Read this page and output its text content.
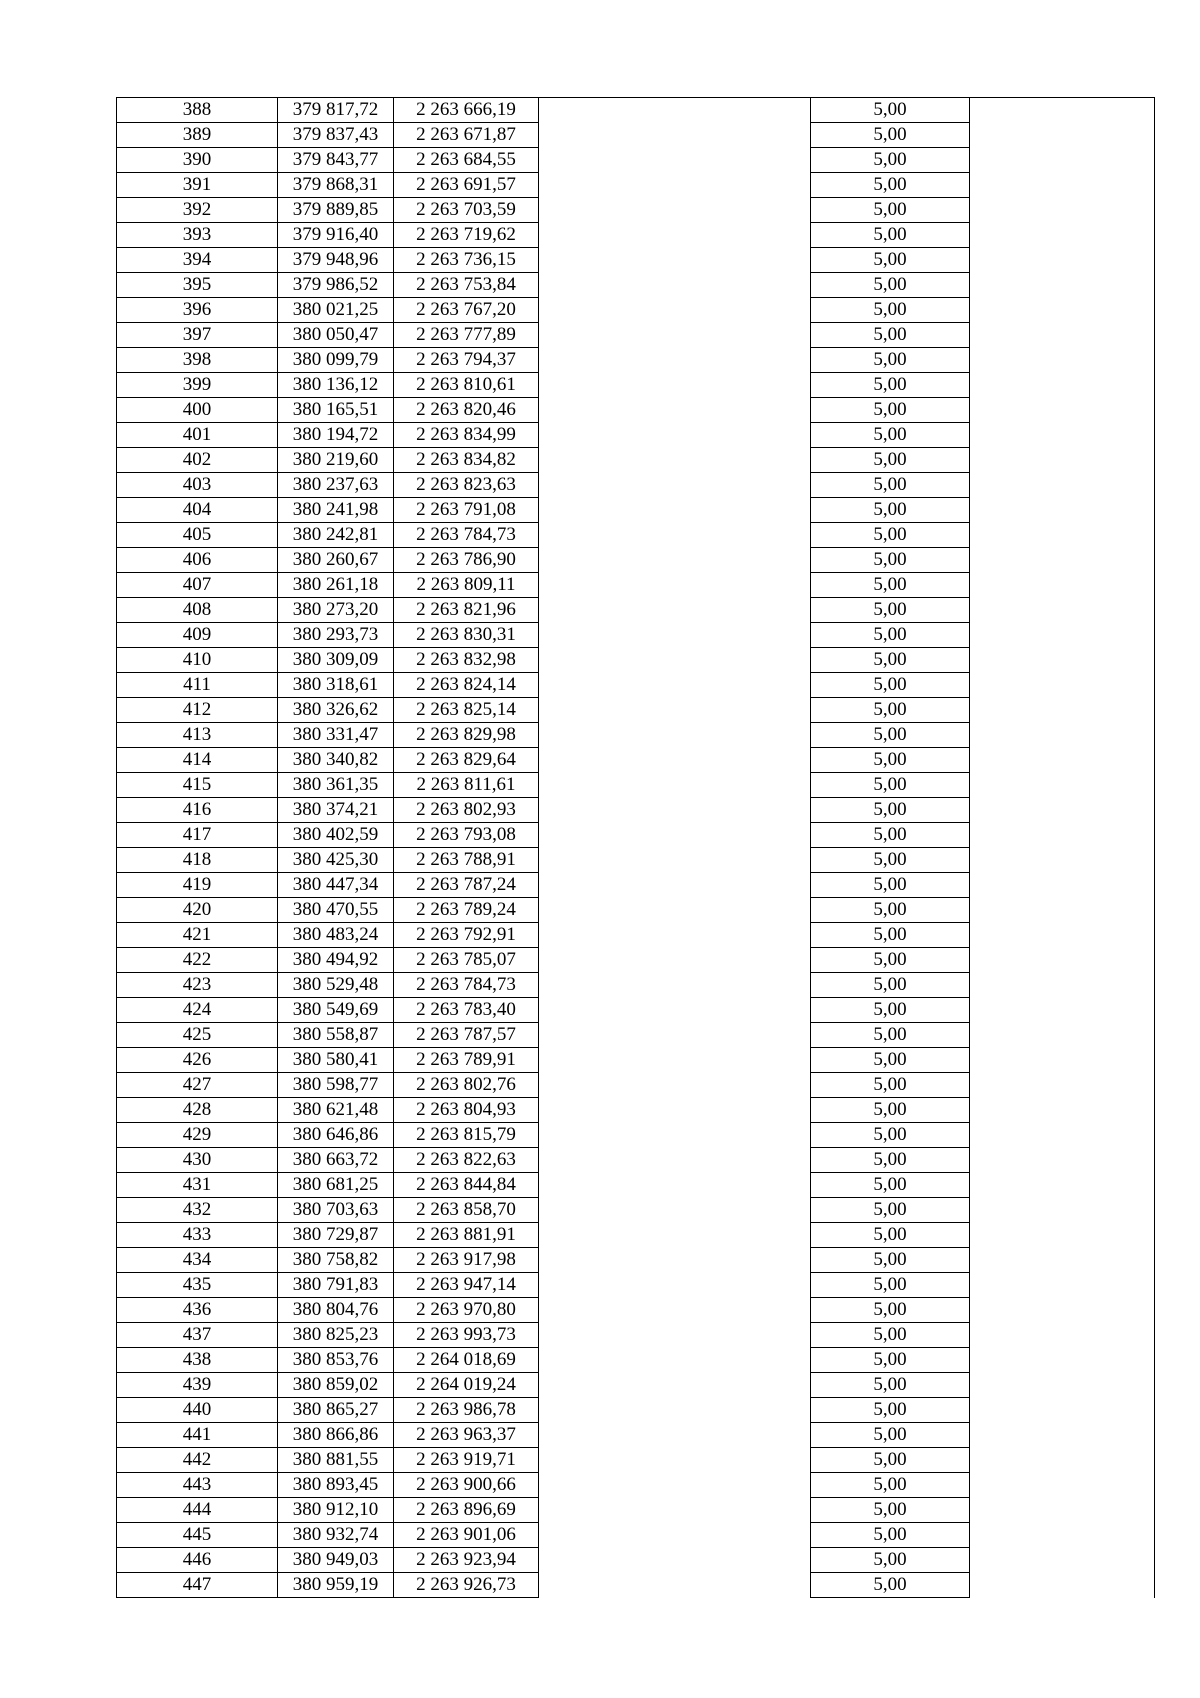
388	379 817,72	2 263 666,19		5,00	
389	379 837,43	2 263 671,87		5,00	
390	379 843,77	2 263 684,55		5,00	
391	379 868,31	2 263 691,57		5,00	
392	379 889,85	2 263 703,59		5,00	
393	379 916,40	2 263 719,62		5,00	
394	379 948,96	2 263 736,15		5,00	
395	379 986,52	2 263 753,84		5,00	
396	380 021,25	2 263 767,20		5,00	
397	380 050,47	2 263 777,89		5,00	
398	380 099,79	2 263 794,37		5,00	
399	380 136,12	2 263 810,61		5,00	
400	380 165,51	2 263 820,46		5,00	
401	380 194,72	2 263 834,99		5,00	
402	380 219,60	2 263 834,82		5,00	
403	380 237,63	2 263 823,63		5,00	
404	380 241,98	2 263 791,08		5,00	
405	380 242,81	2 263 784,73		5,00	
406	380 260,67	2 263 786,90		5,00	
407	380 261,18	2 263 809,11		5,00	
408	380 273,20	2 263 821,96		5,00	
409	380 293,73	2 263 830,31		5,00	
410	380 309,09	2 263 832,98		5,00	
411	380 318,61	2 263 824,14		5,00	
412	380 326,62	2 263 825,14		5,00	
413	380 331,47	2 263 829,98		5,00	
414	380 340,82	2 263 829,64		5,00	
415	380 361,35	2 263 811,61		5,00	
416	380 374,21	2 263 802,93		5,00	
417	380 402,59	2 263 793,08		5,00	
418	380 425,30	2 263 788,91		5,00	
419	380 447,34	2 263 787,24		5,00	
420	380 470,55	2 263 789,24		5,00	
421	380 483,24	2 263 792,91		5,00	
422	380 494,92	2 263 785,07		5,00	
423	380 529,48	2 263 784,73		5,00	
424	380 549,69	2 263 783,40		5,00	
425	380 558,87	2 263 787,57		5,00	
426	380 580,41	2 263 789,91		5,00	
427	380 598,77	2 263 802,76		5,00	
428	380 621,48	2 263 804,93		5,00	
429	380 646,86	2 263 815,79		5,00	
430	380 663,72	2 263 822,63		5,00	
431	380 681,25	2 263 844,84		5,00	
432	380 703,63	2 263 858,70		5,00	
433	380 729,87	2 263 881,91		5,00	
434	380 758,82	2 263 917,98		5,00	
435	380 791,83	2 263 947,14		5,00	
436	380 804,76	2 263 970,80		5,00	
437	380 825,23	2 263 993,73		5,00	
438	380 853,76	2 264 018,69		5,00	
439	380 859,02	2 264 019,24		5,00	
440	380 865,27	2 263 986,78		5,00	
441	380 866,86	2 263 963,37		5,00	
442	380 881,55	2 263 919,71		5,00	
443	380 893,45	2 263 900,66		5,00	
444	380 912,10	2 263 896,69		5,00	
445	380 932,74	2 263 901,06		5,00	
446	380 949,03	2 263 923,94		5,00	
447	380 959,19	2 263 926,73		5,00	
